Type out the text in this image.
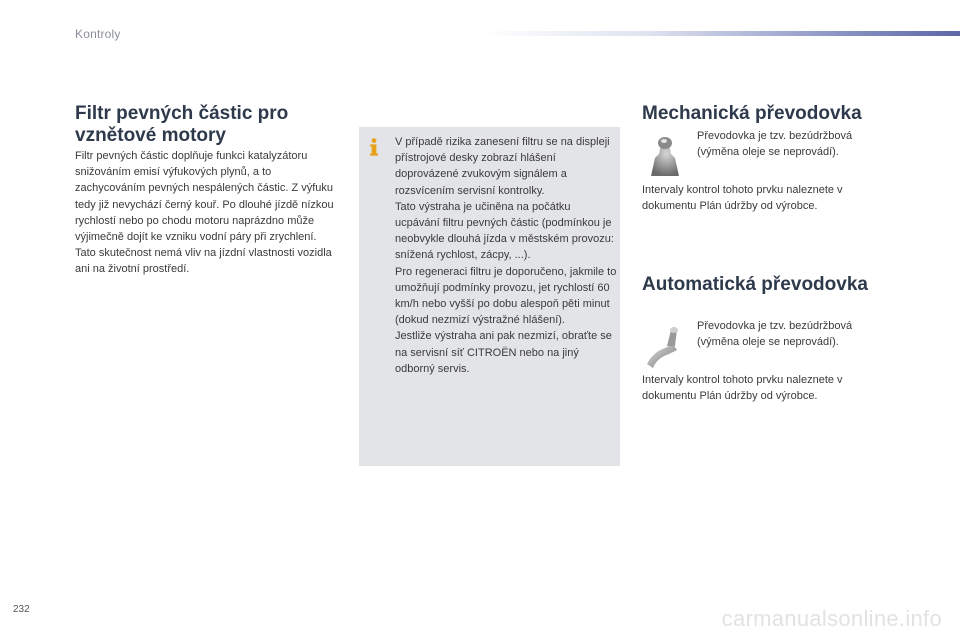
Kontroly
Filtr pevných částic pro
vznětové motory

Filtr pevných částic doplňuje funkci katalyzátoru snižováním emisí výfukových plynů, a to zachycováním pevných nespálených částic. Z výfuku tedy již nevychází černý kouř. Po dlouhé jízdě nízkou rychlostí nebo po chodu motoru naprázdno může výjimečně dojít ke vzniku vodní páry při zrychlení. Tato skutečnost nemá vliv na jízdní vlastnosti vozidla ani na životní prostředí.

V případě rizika zanesení filtru se na displeji přístrojové desky zobrazí hlášení doprovázené zvukovým signálem a rozsvícením servisní kontrolky.
Tato výstraha je učiněna na počátku ucpávání filtru pevných částic (podmínkou je neobvykle dlouhá jízda v městském provozu: snížená rychlost, zácpy, ...).
Pro regeneraci filtru je doporučeno, jakmile to umožňují podmínky provozu, jet rychlostí 60 km/h nebo vyšší po dobu alespoň pěti minut (dokud nezmizí výstražné hlášení).
Jestliže výstraha ani pak nezmizí, obraťte se na servisní síť CITROËN nebo na jiný odborný servis.

Mechanická převodovka

Převodovka je tzv. bezúdržbová (výměna oleje se neprovádí).

Intervaly kontrol tohoto prvku naleznete v dokumentu Plán údržby od výrobce.

Automatická převodovka

Převodovka je tzv. bezúdržbová (výměna oleje se neprovádí).

Intervaly kontrol tohoto prvku naleznete v dokumentu Plán údržby od výrobce.

232	carmanualsonline.info
